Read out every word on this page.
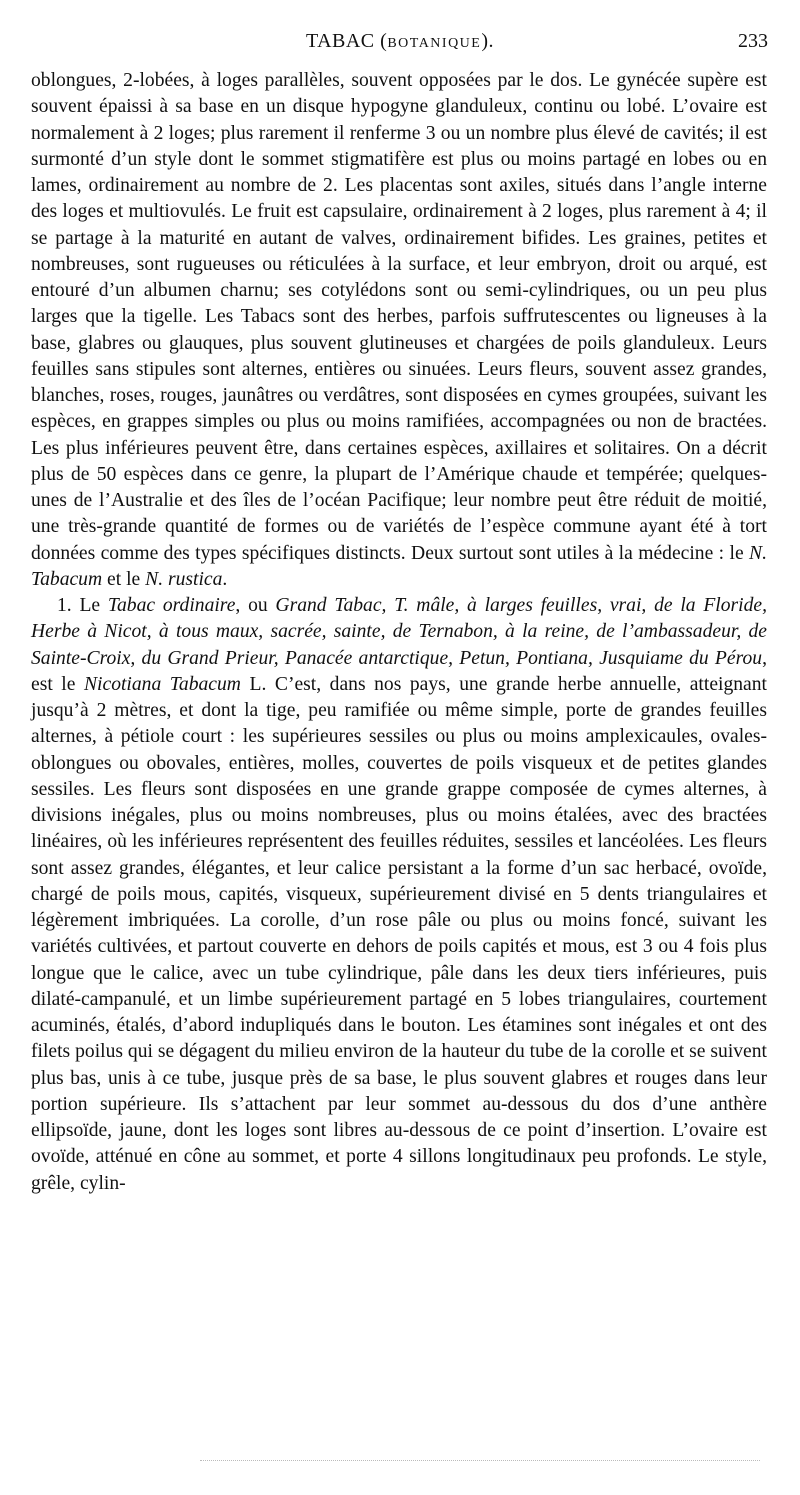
TABAC (BOTANIQUE).	233

oblongues, 2-lobées, à loges parallèles, souvent opposées par le dos. Le gynécée supère est souvent épaissi à sa base en un disque hypogyne glanduleux, continu ou lobé. L’ovaire est normalement à 2 loges; plus rarement il renferme 3 ou un nombre plus élevé de cavités; il est surmonté d’un style dont le sommet stigmatifère est plus ou moins partagé en lobes ou en lames, ordinairement au nombre de 2. Les placentas sont axiles, situés dans l’angle interne des loges et multiovulés. Le fruit est capsulaire, ordinairement à 2 loges, plus rarement à 4; il se partage à la maturité en autant de valves, ordinairement bifides. Les graines, petites et nombreuses, sont rugueuses ou réticulées à la surface, et leur embryon, droit ou arqué, est entouré d’un albumen charnu; ses cotylédons sont ou semi-cylindriques, ou un peu plus larges que la tigelle. Les Tabacs sont des herbes, parfois suffrutescentes ou ligneuses à la base, glabres ou glauques, plus souvent glutineuses et chargées de poils glanduleux. Leurs feuilles sans stipules sont alternes, entières ou sinuées. Leurs fleurs, souvent assez grandes, blanches, roses, rouges, jaunâtres ou verdâtres, sont disposées en cymes groupées, suivant les espèces, en grappes simples ou plus ou moins ramifiées, accompagnées ou non de bractées. Les plus inférieures peuvent être, dans certaines espèces, axillaires et solitaires. On a décrit plus de 50 espèces dans ce genre, la plupart de l’Amérique chaude et tempérée; quelques-unes de l’Australie et des îles de l’océan Pacifique; leur nombre peut être réduit de moitié, une très-grande quantité de formes ou de variétés de l’espèce commune ayant été à tort données comme des types spécifiques distincts. Deux surtout sont utiles à la médecine : le N. Tabacum et le N. rustica.

1. Le Tabac ordinaire, ou Grand Tabac, T. mâle, à larges feuilles, vrai, de la Floride, Herbe à Nicot, à tous maux, sacrée, sainte, de Ternabon, à la reine, de l’ambassadeur, de Sainte-Croix, du Grand Prieur, Panacée antarctique, Petun, Pontiana, Jusquiame du Pérou, est le Nicotiana Tabacum L. C’est, dans nos pays, une grande herbe annuelle, atteignant jusqu’à 2 mètres, et dont la tige, peu ramifiée ou même simple, porte de grandes feuilles alternes, à pétiole court : les supérieures sessiles ou plus ou moins amplexicaules, ovales-oblongues ou obovales, entières, molles, couvertes de poils visqueux et de petites glandes sessiles. Les fleurs sont disposées en une grande grappe composée de cymes alternes, à divisions inégales, plus ou moins nombreuses, plus ou moins étalées, avec des bractées linéaires, où les inférieures représentent des feuilles réduites, sessiles et lancéolées. Les fleurs sont assez grandes, élégantes, et leur calice persistant a la forme d’un sac herbacé, ovoïde, chargé de poils mous, capités, visqueux, supérieurement divisé en 5 dents triangulaires et légèrement imbriquées. La corolle, d’un rose pâle ou plus ou moins foncé, suivant les variétés cultivées, et partout couverte en dehors de poils capités et mous, est 3 ou 4 fois plus longue que le calice, avec un tube cylindrique, pâle dans les deux tiers inférieures, puis dilaté-campanulé, et un limbe supérieurement partagé en 5 lobes triangulaires, courtement acuminés, étalés, d’abord indupliqués dans le bouton. Les étamines sont inégales et ont des filets poilus qui se dégagent du milieu environ de la hauteur du tube de la corolle et se suivent plus bas, unis à ce tube, jusque près de sa base, le plus souvent glabres et rouges dans leur portion supérieure. Ils s’attachent par leur sommet au-dessous du dos d’une anthère ellipsoïde, jaune, dont les loges sont libres au-dessous de ce point d’insertion. L’ovaire est ovoïde, atténué en cône au sommet, et porte 4 sillons longitudinaux peu profonds. Le style, grêle, cylin-
